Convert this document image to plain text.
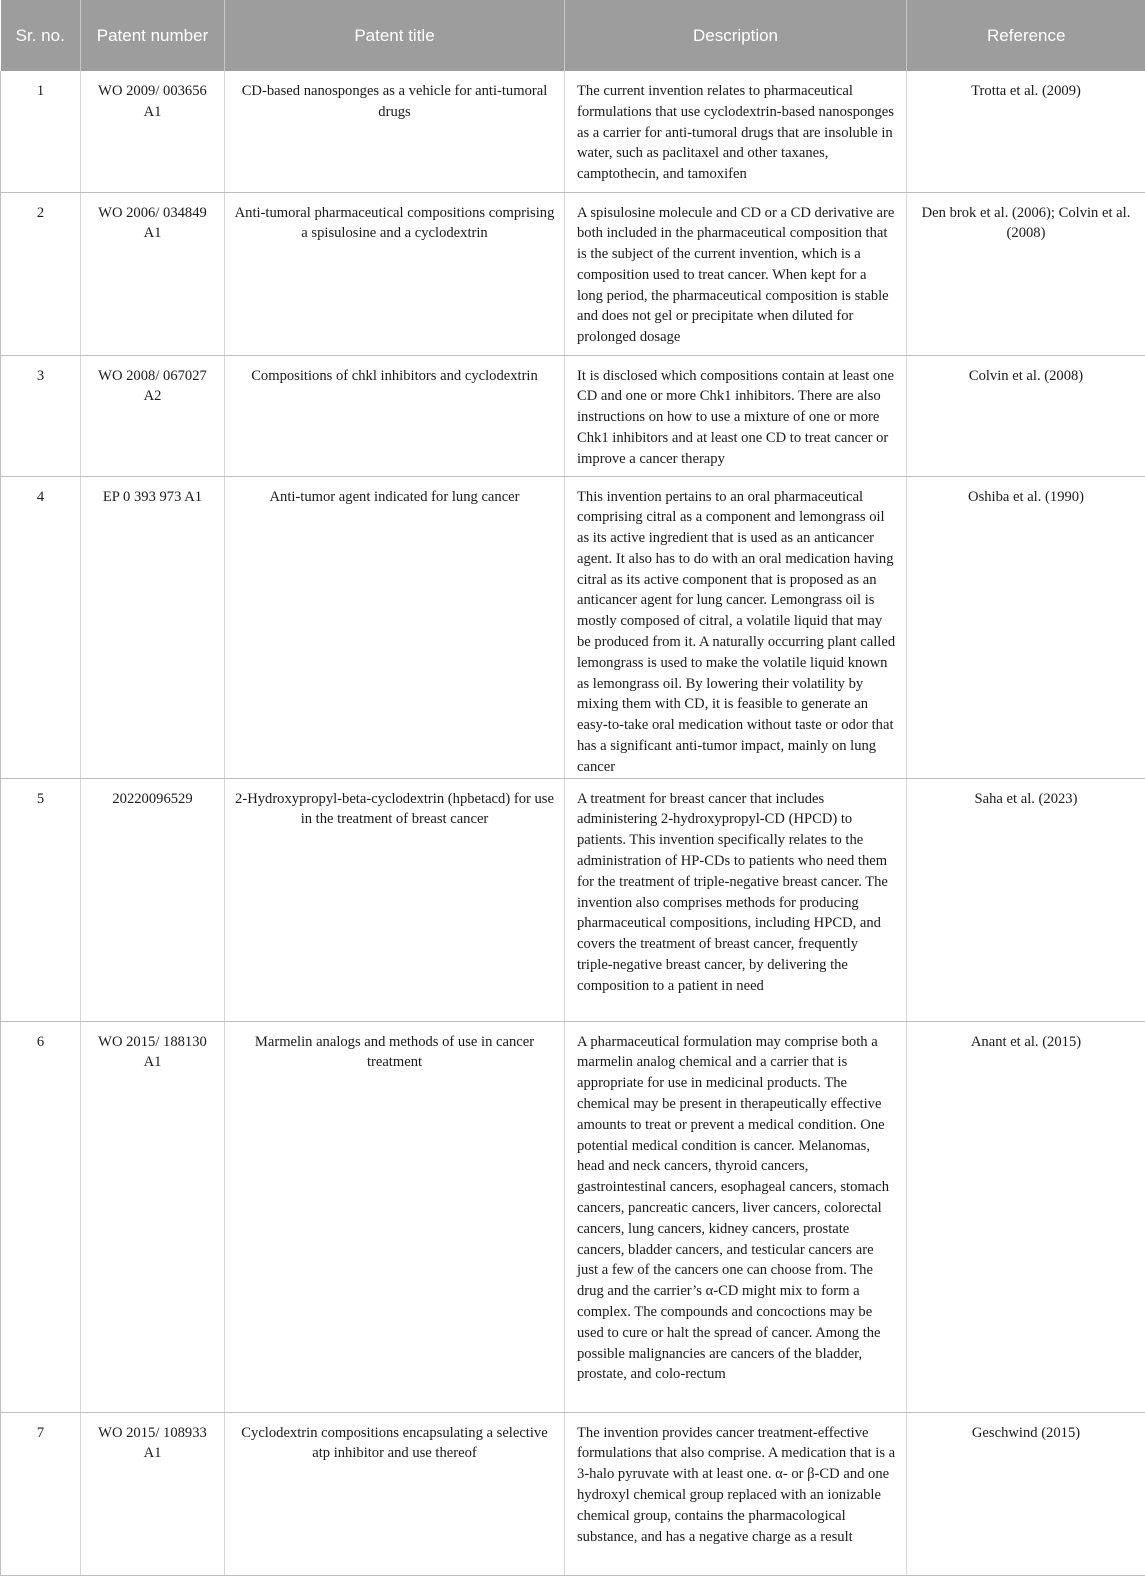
Sr. no.	Patent number	Patent title	Description	Reference
1	WO 2009/ 003656 A1	CD-based nanosponges as a vehicle for anti-tumoral drugs	The current invention relates to pharmaceutical formulations that use cyclodextrin-based nanosponges as a carrier for anti-tumoral drugs that are insoluble in water, such as paclitaxel and other taxanes, camptothecin, and tamoxifen	Trotta et al. (2009)
2	WO 2006/ 034849 A1	Anti-tumoral pharmaceutical compositions comprising a spisulosine and a cyclodextrin	A spisulosine molecule and CD or a CD derivative are both included in the pharmaceutical composition that is the subject of the current invention, which is a composition used to treat cancer. When kept for a long period, the pharmaceutical composition is stable and does not gel or precipitate when diluted for prolonged dosage	Den brok et al. (2006); Colvin et al. (2008)
3	WO 2008/ 067027 A2	Compositions of chkl inhibitors and cyclodextrin	It is disclosed which compositions contain at least one CD and one or more Chk1 inhibitors. There are also instructions on how to use a mixture of one or more Chk1 inhibitors and at least one CD to treat cancer or improve a cancer therapy	Colvin et al. (2008)
4	EP 0 393 973 A1	Anti-tumor agent indicated for lung cancer	This invention pertains to an oral pharmaceutical comprising citral as a component and lemongrass oil as its active ingredient that is used as an anticancer agent. It also has to do with an oral medication having citral as its active component that is proposed as an anticancer agent for lung cancer. Lemongrass oil is mostly composed of citral, a volatile liquid that may be produced from it. A naturally occurring plant called lemongrass is used to make the volatile liquid known as lemongrass oil. By lowering their volatility by mixing them with CD, it is feasible to generate an easy-to-take oral medication without taste or odor that has a significant anti-tumor impact, mainly on lung cancer	Oshiba et al. (1990)
5	20220096529	2-Hydroxypropyl-beta-cyclodextrin (hpbetacd) for use in the treatment of breast cancer	A treatment for breast cancer that includes administering 2-hydroxypropyl-CD (HPCD) to patients. This invention specifically relates to the administration of HP-CDs to patients who need them for the treatment of triple-negative breast cancer. The invention also comprises methods for producing pharmaceutical compositions, including HPCD, and covers the treatment of breast cancer, frequently triple-negative breast cancer, by delivering the composition to a patient in need	Saha et al. (2023)
6	WO 2015/ 188130 A1	Marmelin analogs and methods of use in cancer treatment	A pharmaceutical formulation may comprise both a marmelin analog chemical and a carrier that is appropriate for use in medicinal products. The chemical may be present in therapeutically effective amounts to treat or prevent a medical condition. One potential medical condition is cancer. Melanomas, head and neck cancers, thyroid cancers, gastrointestinal cancers, esophageal cancers, stomach cancers, pancreatic cancers, liver cancers, colorectal cancers, lung cancers, kidney cancers, prostate cancers, bladder cancers, and testicular cancers are just a few of the cancers one can choose from. The drug and the carrier’s α-CD might mix to form a complex. The compounds and concoctions may be used to cure or halt the spread of cancer. Among the possible malignancies are cancers of the bladder, prostate, and colo-rectum	Anant et al. (2015)
7	WO 2015/ 108933 A1	Cyclodextrin compositions encapsulating a selective atp inhibitor and use thereof	The invention provides cancer treatment-effective formulations that also comprise. A medication that is a 3-halo pyruvate with at least one. α- or β-CD and one hydroxyl chemical group replaced with an ionizable chemical group, contains the pharmacological substance, and has a negative charge as a result	Geschwind (2015)
